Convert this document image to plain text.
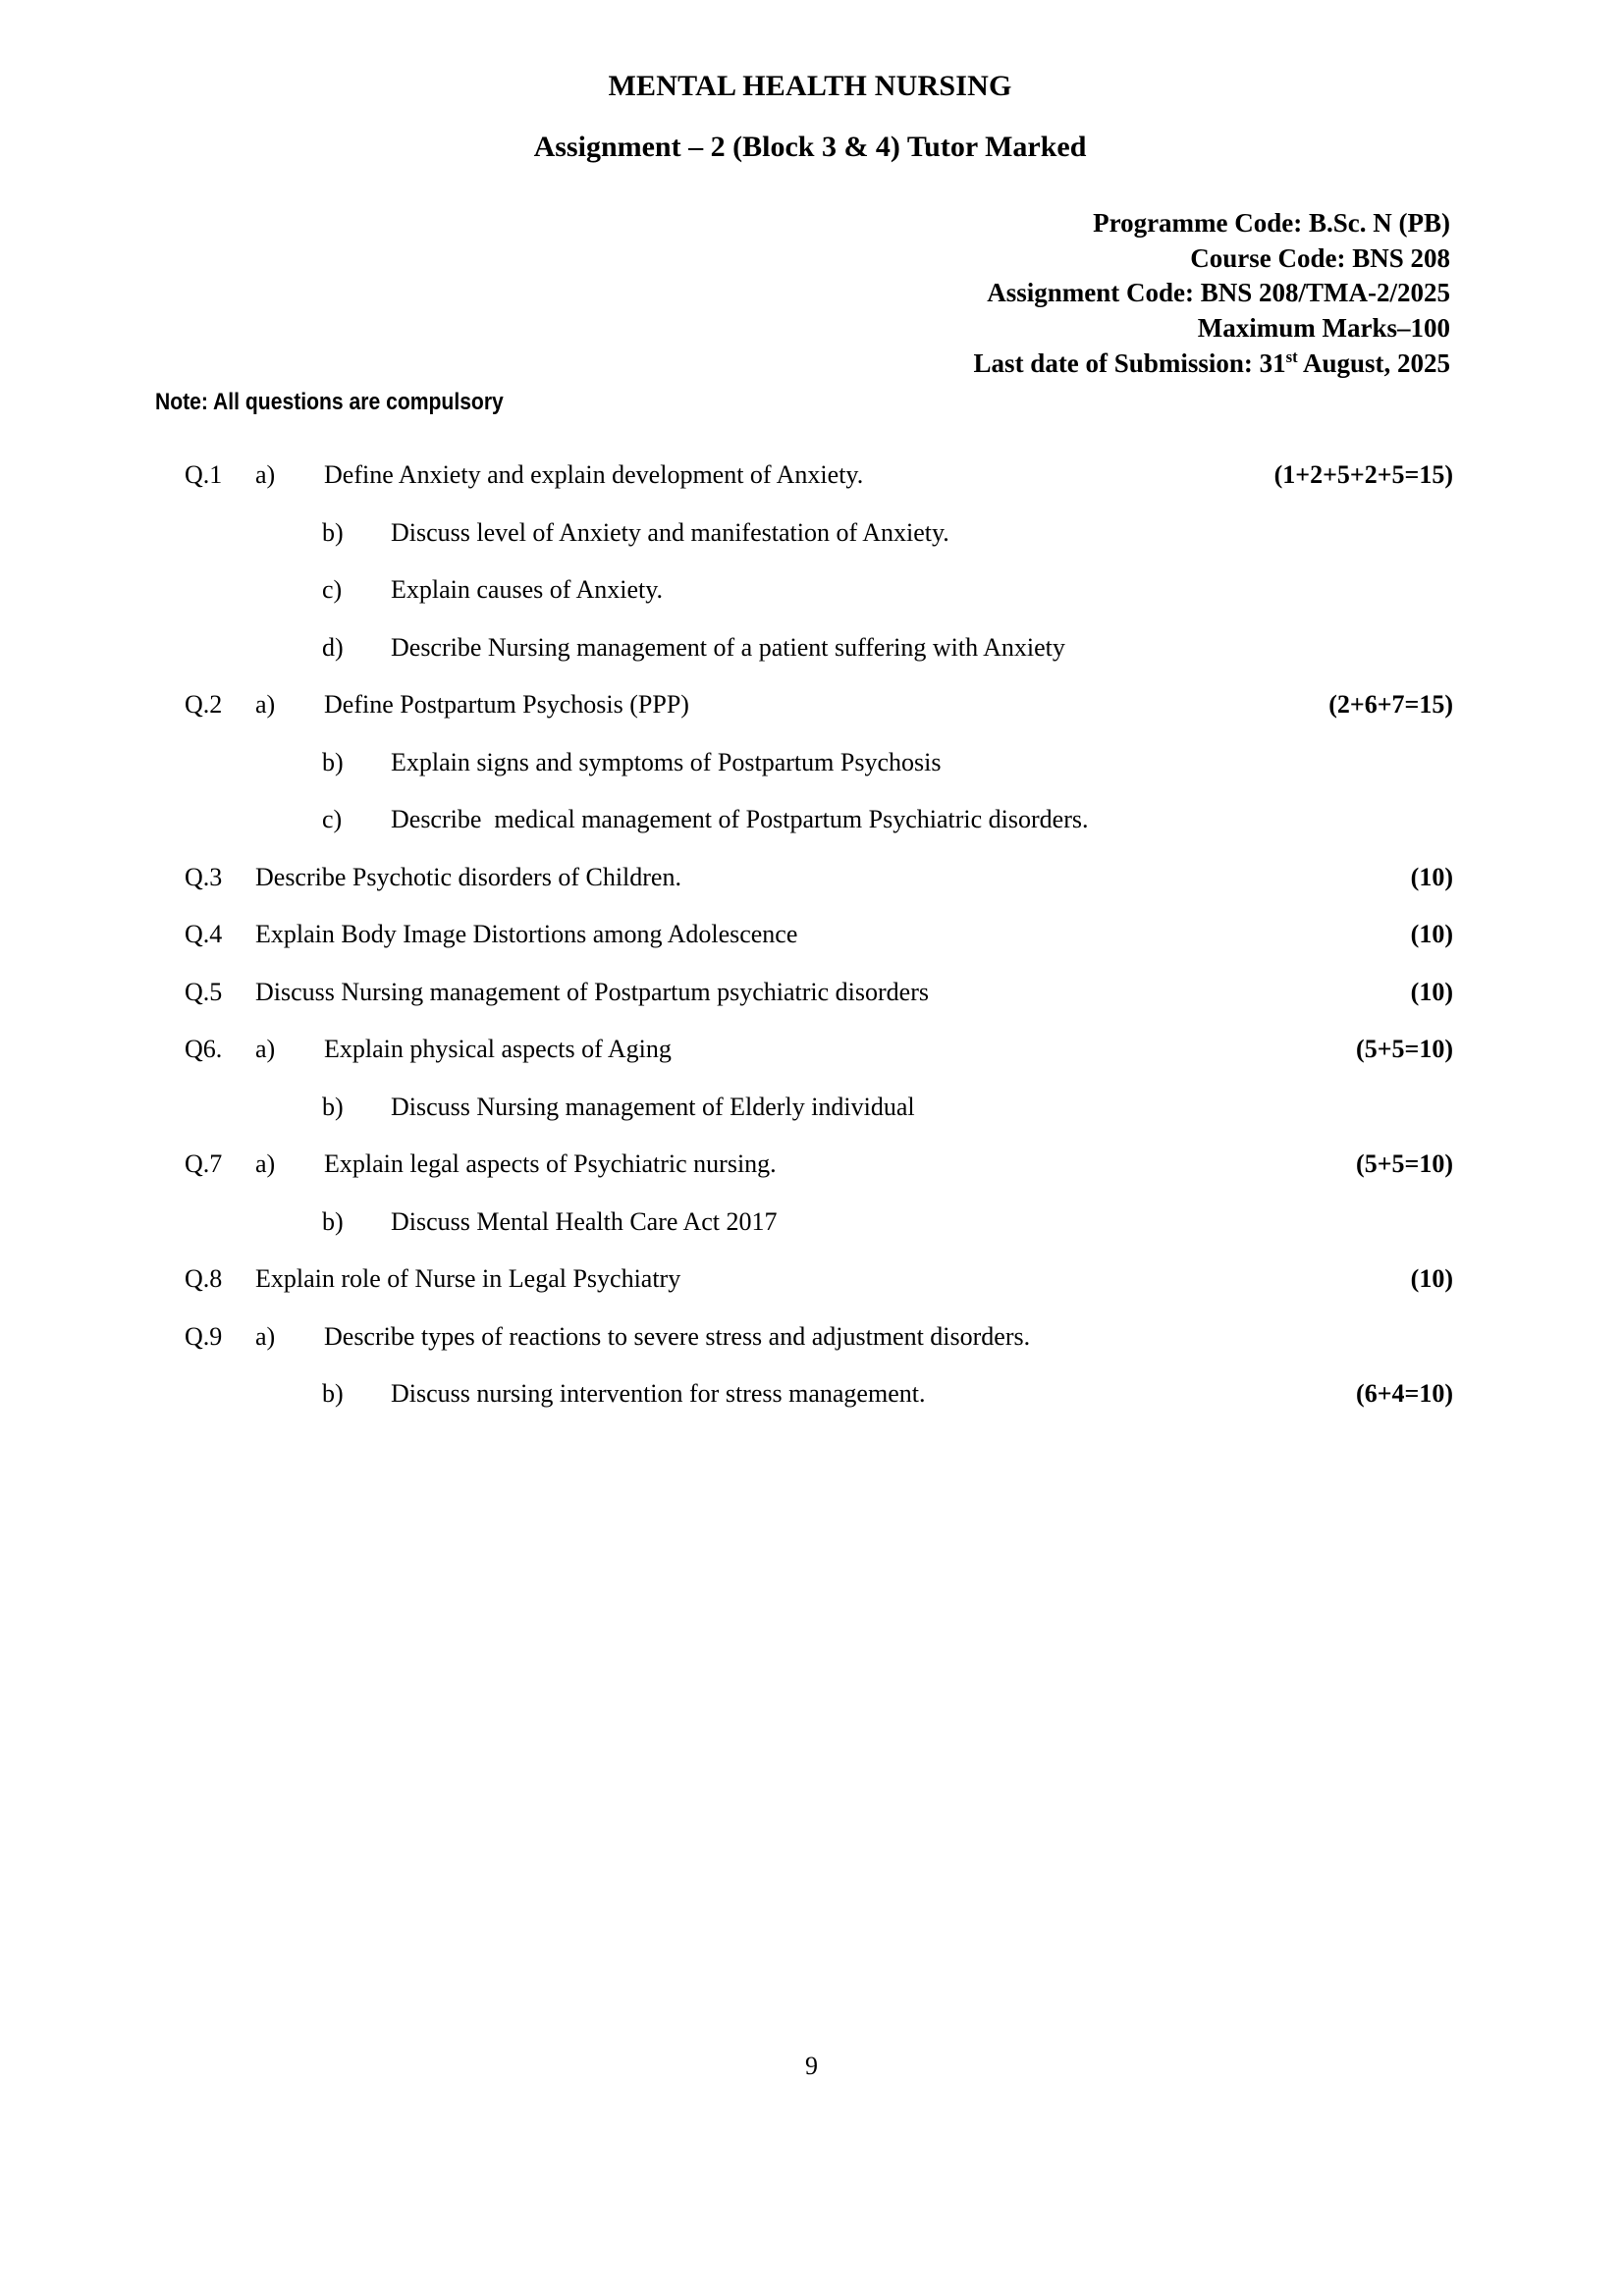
MENTAL HEALTH NURSING
Assignment – 2 (Block 3 & 4) Tutor Marked
Programme Code: B.Sc. N (PB)
Course Code: BNS 208
Assignment Code: BNS 208/TMA-2/2025
Maximum Marks–100
Last date of Submission: 31st August, 2025
Note: All questions are compulsory
Q.1	a)	Define Anxiety and explain development of Anxiety.	(1+2+5+2+5=15)
b)	Discuss level of Anxiety and manifestation of Anxiety.
c)	Explain causes of Anxiety.
d)	Describe Nursing management of a patient suffering with Anxiety
Q.2	a)	Define Postpartum Psychosis (PPP)	(2+6+7=15)
b)	Explain signs and symptoms of Postpartum Psychosis
c)	Describe  medical management of Postpartum Psychiatric disorders.
Q.3	Describe Psychotic disorders of Children.	(10)
Q.4	Explain Body Image Distortions among Adolescence	(10)
Q.5	Discuss Nursing management of Postpartum psychiatric disorders	(10)
Q6.	a)	Explain physical aspects of Aging	(5+5=10)
b)	Discuss Nursing management of Elderly individual
Q.7	a)	Explain legal aspects of Psychiatric nursing.	(5+5=10)
b)	Discuss Mental Health Care Act 2017
Q.8	Explain role of Nurse in Legal Psychiatry	(10)
Q.9	a)	Describe types of reactions to severe stress and adjustment disorders.
b)	Discuss nursing intervention for stress management.	(6+4=10)
9
